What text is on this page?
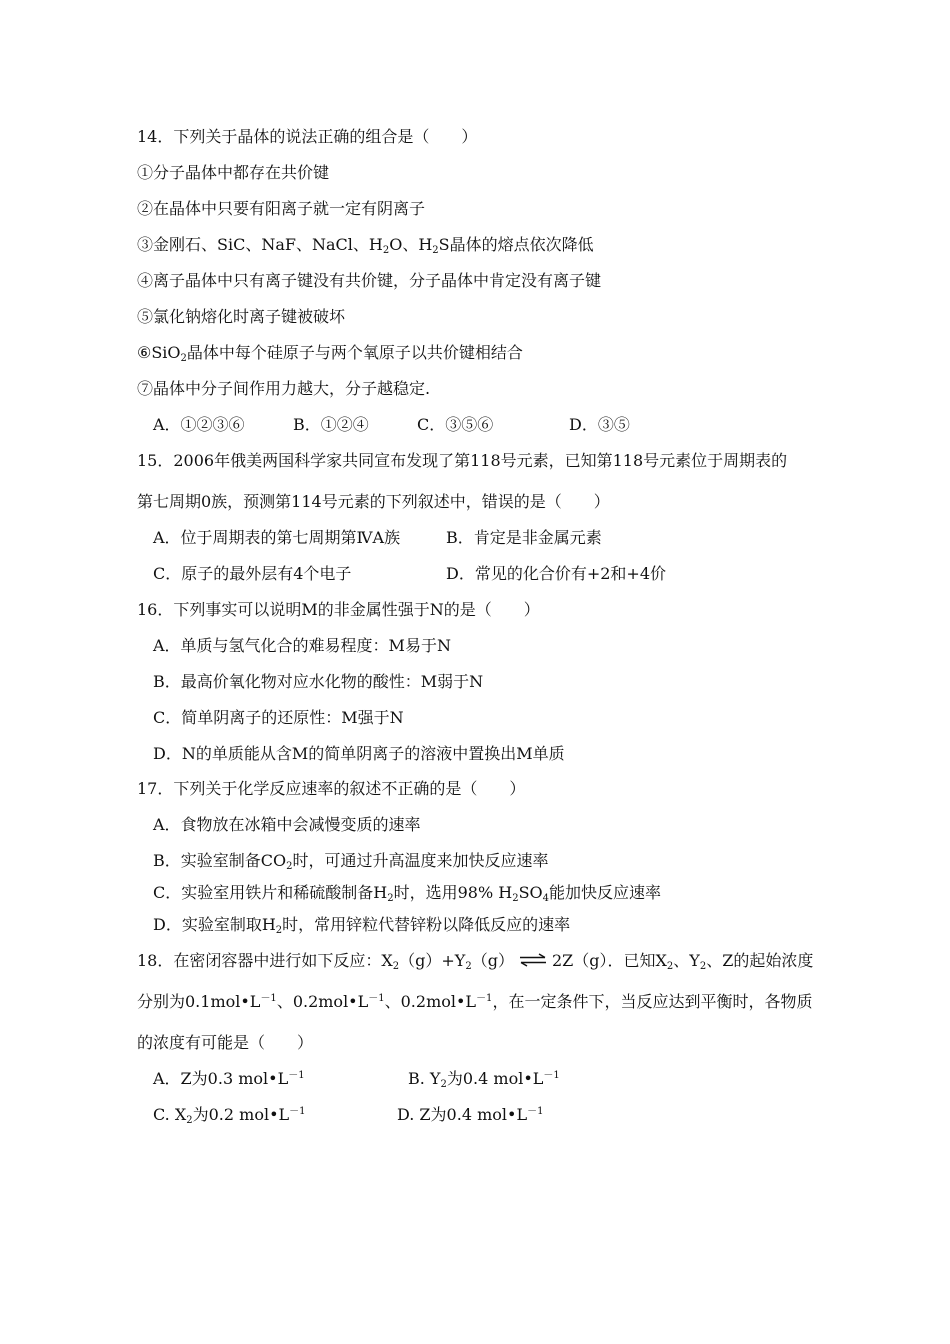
14．下列关于晶体的说法正确的组合是（　　）
①分子晶体中都存在共价键
②在晶体中只要有阳离子就一定有阴离子
③金刚石、SiC、NaF、NaCl、$H_2O$、$H_2S$晶体的熔点依次降低
④离子晶体中只有离子键没有共价键，分子晶体中肯定没有离子键
⑤氯化钠熔化时离子键被破坏
⑥SiO$_2$晶体中每个硅原子与两个氧原子以共价键相结合
⑦晶体中分子间作用力越大，分子越稳定.
A．①②③⑥	B．①②④	C．③⑤⑥	D．③⑤
15．2006年俄美两国科学家共同宣布发现了第118号元素，已知第118号元素位于周期表的
第七周期0族，预测第114号元素的下列叙述中，错误的是（　　）
A．位于周期表的第七周期第ⅣA族	B．肯定是非金属元素
C．原子的最外层有4个电子	D．常见的化合价有+2和+4价
16．下列事实可以说明M的非金属性强于N的是（　　）
A．单质与氢气化合的难易程度：M易于N
B．最高价氧化物对应水化物的酸性：M弱于N
C．简单阴离子的还原性：M强于N
D．N的单质能从含M的简单阴离子的溶液中置换出M单质
17．下列关于化学反应速率的叙述不正确的是（　　）
A．食物放在冰箱中会减慢变质的速率
B．实验室制备$CO_2$时，可通过升高温度来加快反应速率
C．实验室用铁片和稀硫酸制备$H_2$时，选用98% $H_2SO_4$能加快反应速率
D．实验室制取$H_2$时，常用锌粒代替锌粉以降低反应的速率
18．在密闭容器中进行如下反应：$X_2(g)+Y_2(g)$ ⇌ 2Z（g）．已知$X_2$、$Y_2$、Z的起始浓度
分别为$0.1mol•L^{-1}$、$0.2mol•L^{-1}$、$0.2mol•L^{-1}$，在一定条件下，当反应达到平衡时，各物质
的浓度有可能是（　　）
A．Z为0.3 $mol•L^{-1}$	B. $Y_2$为0.4 $mol•L^{-1}$
C. $X_2$为0.2 $mol•L^{-1}$	D. Z为0.4 $mol•L^{-1}$
